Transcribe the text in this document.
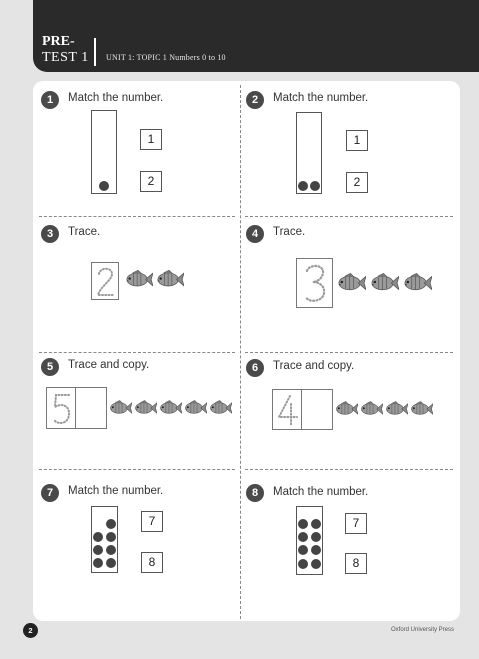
PRE-
TEST 1 UNIT 1: TOPIC 1 Numbers 0 to 10
1	Match the number.
1
2
2	Match the number.
1
2
3	Trace.	4	Trace.
5	Trace and copy.	6	Trace and copy.
7	Match the number.
7
8
8	Match the number.
7
8
2	Oxford University Press
